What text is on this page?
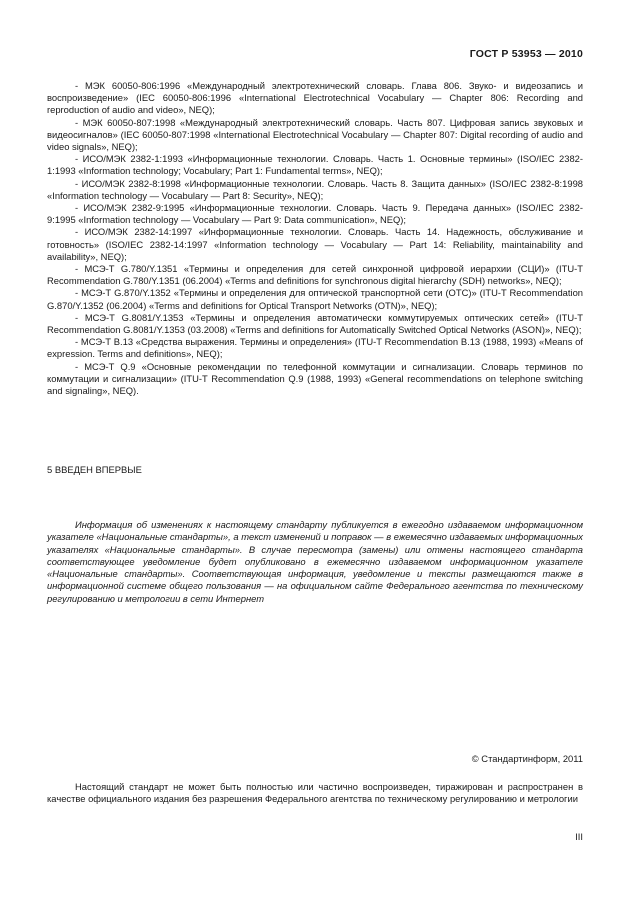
ГОСТ Р 53953 — 2010

- МЭК 60050-806:1996 «Международный электротехнический словарь. Глава 806. Звуко- и видеозапись и воспроизведение» (IEC 60050-806:1996 «International Electrotechnical Vocabulary — Chapter 806: Recording and reproduction of audio and video», NEQ);

- МЭК 60050-807:1998 «Международный электротехнический словарь. Часть 807. Цифровая запись звуковых и видеосигналов» (IEC 60050-807:1998 «International Electrotechnical Vocabulary — Chapter 807: Digital recording of audio and video signals», NEQ);

- ИСО/МЭК 2382-1:1993 «Информационные технологии. Словарь. Часть 1. Основные термины» (ISO/IEC 2382-1:1993 «Information technology; Vocabulary; Part 1: Fundamental terms», NEQ);

- ИСО/МЭК 2382-8:1998 «Информационные технологии. Словарь. Часть 8. Защита данных» (ISO/IEC 2382-8:1998 «Information technology — Vocabulary — Part 8: Security», NEQ);

- ИСО/МЭК 2382-9:1995 «Информационные технологии. Словарь. Часть 9. Передача данных» (ISO/IEC 2382-9:1995 «Information technology — Vocabulary — Part 9: Data communication», NEQ);

- ИСО/МЭК 2382-14:1997 «Информационные технологии. Словарь. Часть 14. Надежность, обслуживание и готовность» (ISO/IEC 2382-14:1997 «Information technology — Vocabulary — Part 14: Reliability, maintainability and availability», NEQ);

- МСЭ-Т G.780/Y.1351 «Термины и определения для сетей синхронной цифровой иерархии (СЦИ)» (ITU-T Recommendation G.780/Y.1351 (06.2004) «Terms and definitions for synchronous digital hierarchy (SDH) networks», NEQ);

- МСЭ-Т G.870/Y.1352 «Термины и определения для оптической транспортной сети (OTC)» (ITU-T Recommendation G.870/Y.1352 (06.2004) «Terms and definitions for Optical Transport Networks (OTN)», NEQ);

- МСЭ-Т G.8081/Y.1353 «Термины и определения автоматически коммутируемых оптических сетей» (ITU-T Recommendation G.8081/Y.1353 (03.2008) «Terms and definitions for Automatically Switched Optical Networks (ASON)», NEQ);

- МСЭ-Т B.13 «Средства выражения. Термины и определения» (ITU-T Recommendation B.13 (1988, 1993) «Means of expression. Terms and definitions», NEQ);

- МСЭ-Т Q.9 «Основные рекомендации по телефонной коммутации и сигнализации. Словарь терминов по коммутации и сигнализации» (ITU-T Recommendation Q.9 (1988, 1993) «General recommendations on telephone switching and signaling», NEQ).

5 ВВЕДЕН ВПЕРВЫЕ

Информация об изменениях к настоящему стандарту публикуется в ежегодно издаваемом информационном указателе «Национальные стандарты», а текст изменений и поправок — в ежемесячно издаваемых информационных указателях «Национальные стандарты». В случае пересмотра (замены) или отмены настоящего стандарта соответствующее уведомление будет опубликовано в ежемесячно издаваемом информационном указателе «Национальные стандарты». Соответствующая информация, уведомление и тексты размещаются также в информационной системе общего пользования — на официальном сайте Федерального агентства по техническому регулированию и метрологии в сети Интернет

© Стандартинформ, 2011

Настоящий стандарт не может быть полностью или частично воспроизведен, тиражирован и распространен в качестве официального издания без разрешения Федерального агентства по техническому регулированию и метрологии

III
